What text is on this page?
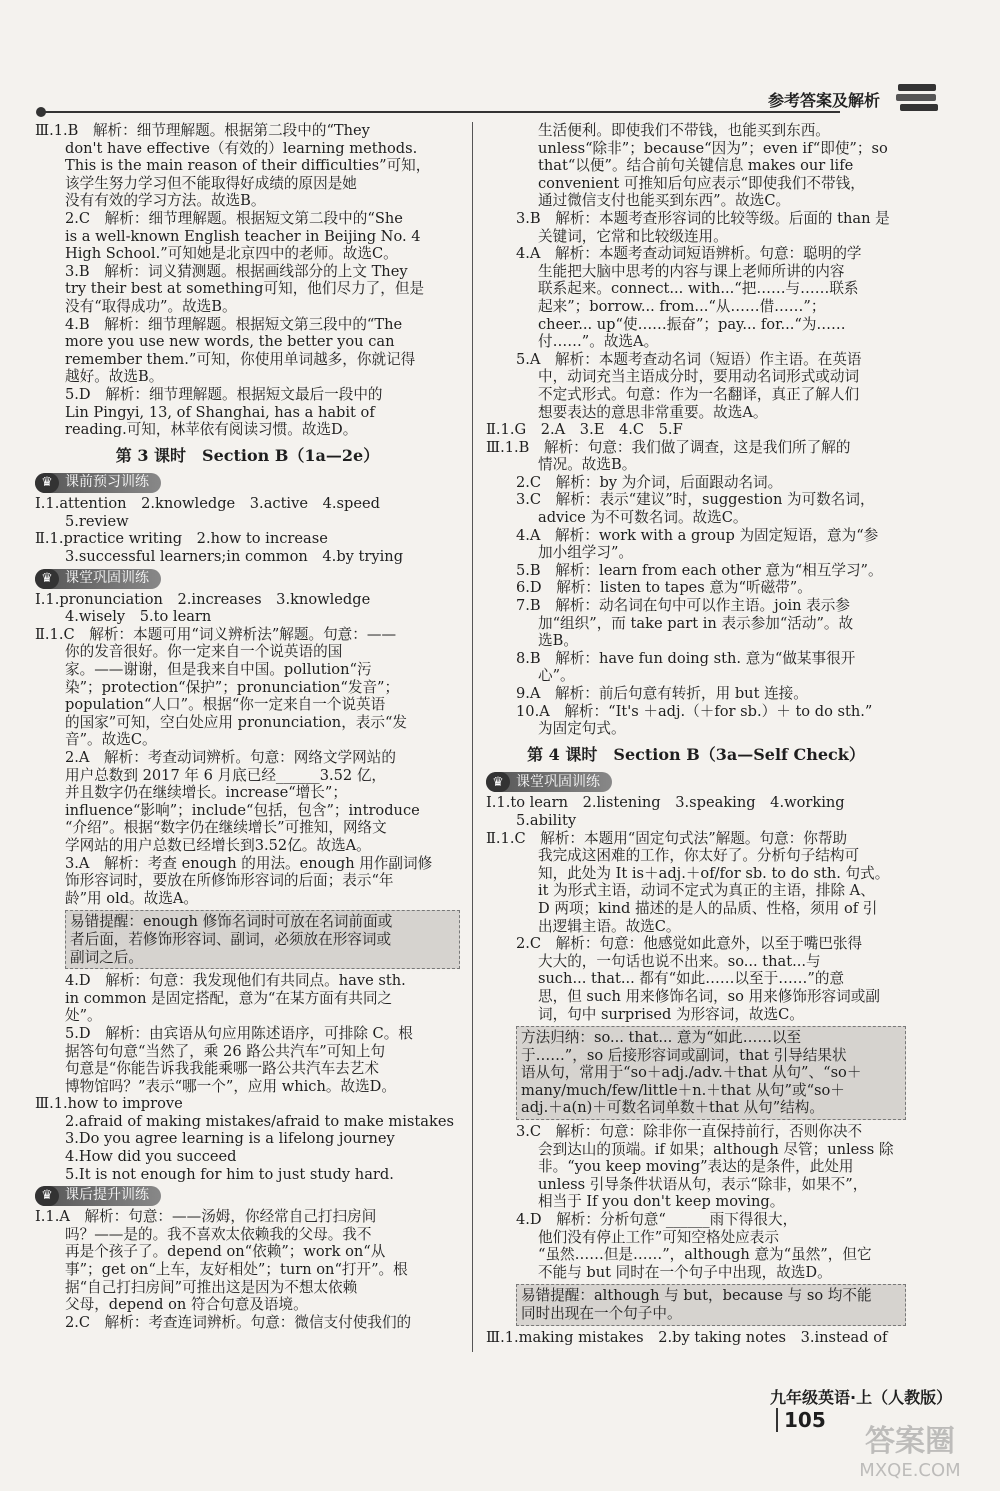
参考答案及解析
Ⅲ.1.B　解析：细节理解题。根据第二段中的“They
don't have effective（有效的）learning methods.
This is the main reason of their difficulties”可知，
该学生努力学习但不能取得好成绩的原因是她
没有有效的学习方法。故选B。
2.C　解析：细节理解题。根据短文第二段中的“She
is a well-known English teacher in Beijing No. 4
High School.”可知她是北京四中的老师。故选C。
3.B　解析：词义猜测题。根据画线部分的上文 They
try their best at something可知，他们尽力了，但是
没有“取得成功”。故选B。
4.B　解析：细节理解题。根据短文第三段中的“The
more you use new words, the better you can
remember them.”可知，你使用单词越多，你就记得
越好。故选B。
5.D　解析：细节理解题。根据短文最后一段中的
Lin Pingyi, 13, of Shanghai, has a habit of
reading.可知，林苹依有阅读习惯。故选D。
第 3 课时　Section B（1a—2e）
♛ 课前预习训练
Ⅰ.1.attention　2.knowledge　3.active　4.speed
5.review
Ⅱ.1.practice writing　2.how to increase
3.successful learners;in common　4.by trying
♛ 课堂巩固训练
Ⅰ.1.pronunciation　2.increases　3.knowledge
4.wisely　5.to learn
Ⅱ.1.C　解析：本题可用“词义辨析法”解题。句意：——
你的发音很好。你一定来自一个说英语的国
家。——谢谢，但是我来自中国。pollution“污
染”；protection“保护”；pronunciation“发音”；
population“人口”。根据“你一定来自一个说英语
的国家”可知，空白处应用 pronunciation，表示“发
音”。故选C。
2.A　解析：考查动词辨析。句意：网络文学网站的
用户总数到 2017 年 6 月底已经______3.52 亿，
并且数字仍在继续增长。increase“增长”；
influence“影响”；include“包括，包含”；introduce
“介绍”。根据“数字仍在继续增长”可推知，网络文
学网站的用户总数已经增长到3.52亿。故选A。
3.A　解析：考查 enough 的用法。enough 用作副词修
饰形容词时，要放在所修饰形容词的后面；表示“年
龄”用 old。故选A。
易错提醒：enough 修饰名词时可放在名词前面或
者后面，若修饰形容词、副词，必须放在形容词或
副词之后。
4.D　解析：句意：我发现他们有共同点。have sth.
in common 是固定搭配，意为“在某方面有共同之
处”。
5.D　解析：由宾语从句应用陈述语序，可排除 C。根
据答句句意“当然了，乘 26 路公共汽车”可知上句
句意是“你能告诉我我能乘哪一路公共汽车去艺术
博物馆吗？”表示“哪一个”，应用 which。故选D。
Ⅲ.1.how to improve
2.afraid of making mistakes/afraid to make mistakes
3.Do you agree learning is a lifelong journey
4.How did you succeed
5.It is not enough for him to just study hard.
♛ 课后提升训练
Ⅰ.1.A　解析：句意：——汤姆，你经常自己打扫房间
吗？——是的。我不喜欢太依赖我的父母。我不
再是个孩子了。depend on“依赖”；work on“从
事”；get on“上车，友好相处”；turn on“打开”。根
据“自己打扫房间”可推出这是因为不想太依赖
父母，depend on 符合句意及语境。
2.C　解析：考查连词辨析。句意：微信支付使我们的
生活便利。即使我们不带钱，也能买到东西。
unless“除非”；because“因为”；even if“即使”；so
that“以便”。结合前句关键信息 makes our life
convenient 可推知后句应表示“即使我们不带钱，
通过微信支付也能买到东西”。故选C。
3.B　解析：本题考查形容词的比较等级。后面的 than 是
关键词，它常和比较级连用。
4.A　解析：本题考查动词短语辨析。句意：聪明的学
生能把大脑中思考的内容与课上老师所讲的内容
联系起来。connect... with...“把……与……联系
起来”；borrow... from...“从……借……”；
cheer... up“使……振奋”；pay... for...“为……
付……”。故选A。
5.A　解析：本题考查动名词（短语）作主语。在英语
中，动词充当主语成分时，要用动名词形式或动词
不定式形式。句意：作为一名翻译，真正了解人们
想要表达的意思非常重要。故选A。
Ⅱ.1.G　2.A　3.E　4.C　5.F
Ⅲ.1.B　解析：句意：我们做了调查，这是我们所了解的
情况。故选B。
2.C　解析：by 为介词，后面跟动名词。
3.C　解析：表示“建议”时，suggestion 为可数名词，
advice 为不可数名词。故选C。
4.A　解析：work with a group 为固定短语，意为“参
加小组学习”。
5.B　解析：learn from each other 意为“相互学习”。
6.D　解析：listen to tapes 意为“听磁带”。
7.B　解析：动名词在句中可以作主语。join 表示参
加“组织”，而 take part in 表示参加“活动”。故
选B。
8.B　解析：have fun doing sth. 意为“做某事很开
心”。
9.A　解析：前后句意有转折，用 but 连接。
10.A　解析：“It's ＋adj.（＋for sb.）＋ to do sth.”
为固定句式。
第 4 课时　Section B（3a—Self Check）
♛ 课堂巩固训练
Ⅰ.1.to learn　2.listening　3.speaking　4.working
5.ability
Ⅱ.1.C　解析：本题用“固定句式法”解题。句意：你帮助
我完成这困难的工作，你太好了。分析句子结构可
知，此处为 It is＋adj.＋of/for sb. to do sth. 句式。
it 为形式主语，动词不定式为真正的主语，排除 A、
D 两项；kind 描述的是人的品质、性格，须用 of 引
出逻辑主语。故选C。
2.C　解析：句意：他感觉如此意外，以至于嘴巴张得
大大的，一句话也说不出来。so... that...与
such... that... 都有“如此……以至于……”的意
思，但 such 用来修饰名词，so 用来修饰形容词或副
词，句中 surprised 为形容词，故选C。
方法归纳：so... that... 意为“如此……以至
于……”，so 后接形容词或副词，that 引导结果状
语从句，常用于“so＋adj./adv.＋that 从句”、“so＋
many/much/few/little＋n.＋that 从句”或“so＋
adj.＋a(n)＋可数名词单数＋that 从句”结构。
3.C　解析：句意：除非你一直保持前行，否则你决不
会到达山的顶端。if 如果；although 尽管；unless 除
非。“you keep moving”表达的是条件，此处用
unless 引导条件状语从句，表示“除非，如果不”，
相当于 If you don't keep moving。
4.D　解析：分析句意“______雨下得很大，
他们没有停止工作”可知空格处应表示
“虽然……但是……”，although 意为“虽然”，但它
不能与 but 同时在一个句子中出现，故选D。
易错提醒：although 与 but，because 与 so 均不能
同时出现在一个句子中。
Ⅲ.1.making mistakes　2.by taking notes　3.instead of
九年级英语·上（人教版）105
答案圈
MXQE.COM
